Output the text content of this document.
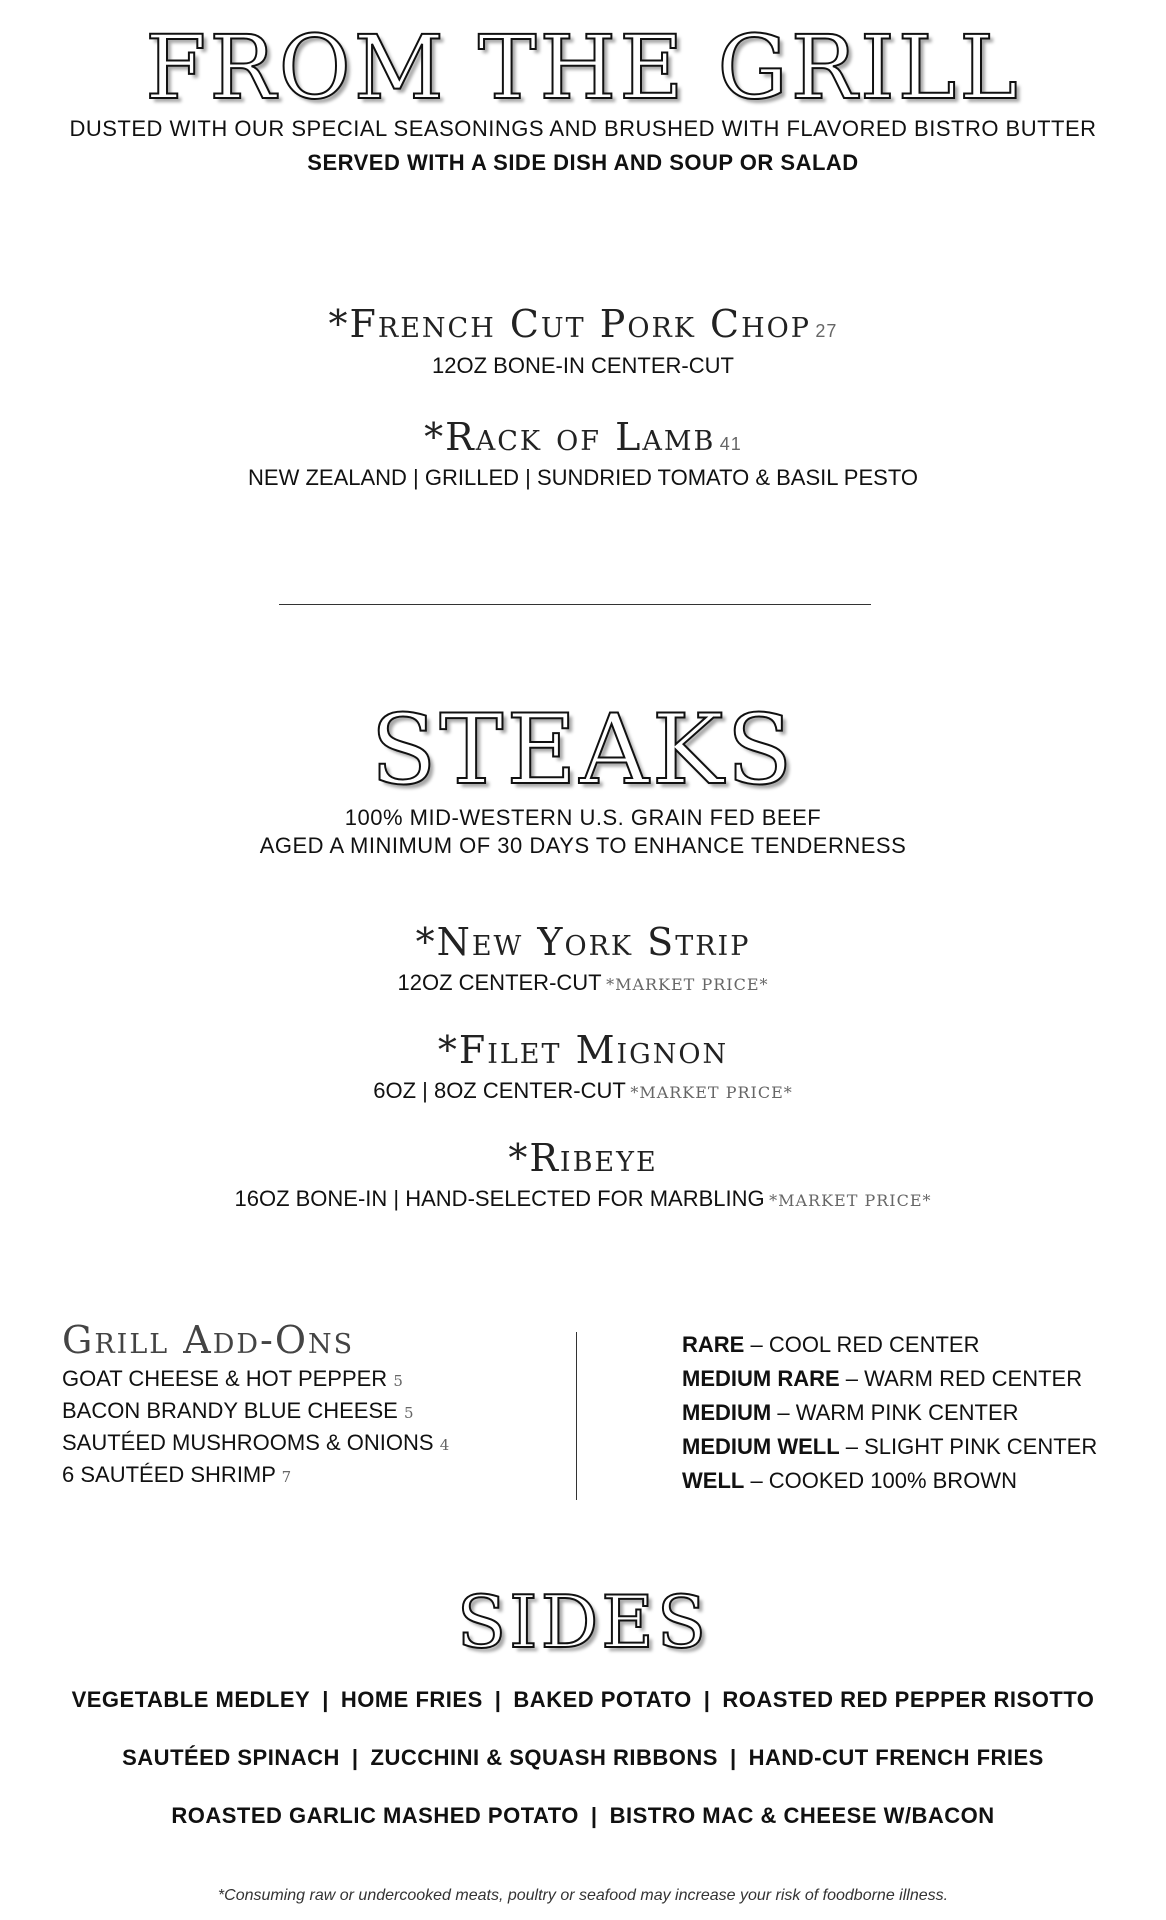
FROM THE GRILL
DUSTED WITH OUR SPECIAL SEASONINGS AND BRUSHED WITH FLAVORED BISTRO BUTTER
SERVED WITH A SIDE DISH AND SOUP OR SALAD
*French Cut Pork Chop 27
12OZ BONE-IN CENTER-CUT
*Rack of Lamb 41
NEW ZEALAND | GRILLED | SUNDRIED TOMATO & BASIL PESTO
STEAKS
100% MID-WESTERN U.S. GRAIN FED BEEF
AGED A MINIMUM OF 30 DAYS TO ENHANCE TENDERNESS
*New York Strip
12OZ CENTER-CUT *MARKET PRICE*
*Filet Mignon
6OZ | 8OZ CENTER-CUT *MARKET PRICE*
*Ribeye
16OZ BONE-IN | HAND-SELECTED FOR MARBLING *MARKET PRICE*
Grill Add-Ons
GOAT CHEESE & HOT PEPPER 5
BACON BRANDY BLUE CHEESE 5
SAUTÉED MUSHROOMS & ONIONS 4
6 SAUTÉED SHRIMP 7
RARE – COOL RED CENTER
MEDIUM RARE – WARM RED CENTER
MEDIUM – WARM PINK CENTER
MEDIUM WELL – SLIGHT PINK CENTER
WELL – COOKED 100% BROWN
SIDES
VEGETABLE MEDLEY | HOME FRIES | BAKED POTATO | ROASTED RED PEPPER RISOTTO
SAUTÉED SPINACH | ZUCCHINI & SQUASH RIBBONS | HAND-CUT FRENCH FRIES
ROASTED GARLIC MASHED POTATO | BISTRO MAC & CHEESE W/BACON
*Consuming raw or undercooked meats, poultry or seafood may increase your risk of foodborne illness.
